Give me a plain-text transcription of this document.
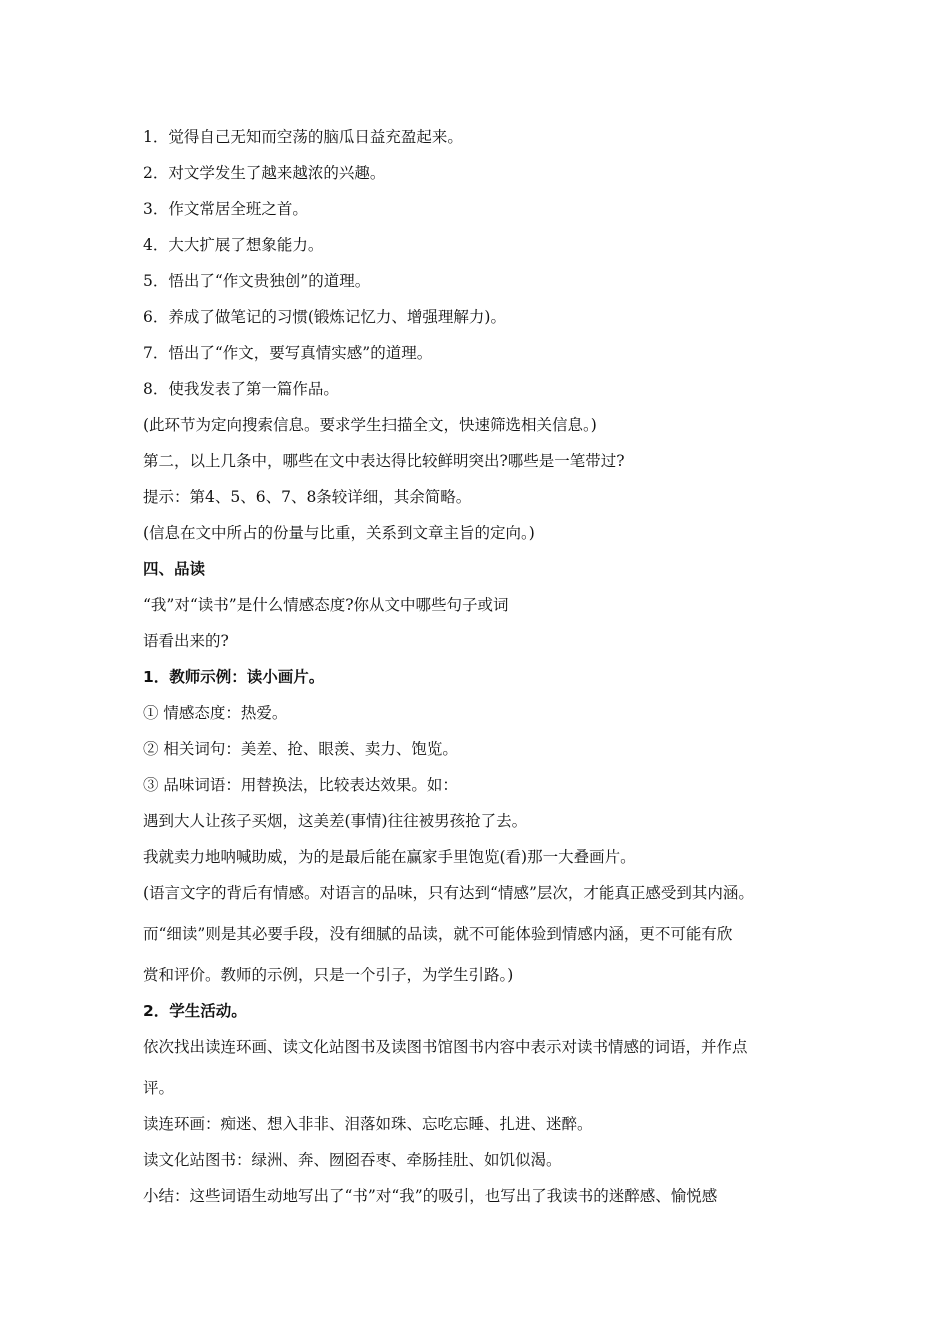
1．觉得自己无知而空荡的脑瓜日益充盈起来。
2．对文学发生了越来越浓的兴趣。
3．作文常居全班之首。
4．大大扩展了想象能力。
5．悟出了“作文贵独创”的道理。
6．养成了做笔记的习惯(锻炼记忆力、增强理解力)。
7．悟出了“作文，要写真情实感”的道理。
8．使我发表了第一篇作品。
(此环节为定向搜索信息。要求学生扫描全文，快速筛选相关信息。)
第二，以上几条中，哪些在文中表达得比较鲜明突出?哪些是一笔带过?
提示：第4、5、6、7、8条较详细，其余简略。
(信息在文中所占的份量与比重，关系到文章主旨的定向。)
四、品读
“我”对“读书”是什么情感态度?你从文中哪些句子或词
语看出来的?
1．教师示例：读小画片。
① 情感态度：热爱。
② 相关词句：美差、抢、眼羡、卖力、饱览。
③ 品味词语：用替换法，比较表达效果。如：
遇到大人让孩子买烟，这美差(事情)往往被男孩抢了去。
我就卖力地呐喊助威，为的是最后能在赢家手里饱览(看)那一大叠画片。
(语言文字的背后有情感。对语言的品味，只有达到“情感”层次，才能真正感受到其内涵。
而“细读”则是其必要手段，没有细腻的品读，就不可能体验到情感内涵，更不可能有欣
赏和评价。教师的示例，只是一个引子，为学生引路。)
2．学生活动。
依次找出读连环画、读文化站图书及读图书馆图书内容中表示对读书情感的词语，并作点
评。
读连环画：痴迷、想入非非、泪落如珠、忘吃忘睡、扎进、迷醉。
读文化站图书：绿洲、奔、囫囵吞枣、牵肠挂肚、如饥似渴。
小结：这些词语生动地写出了“书”对“我”的吸引，也写出了我读书的迷醉感、愉悦感
